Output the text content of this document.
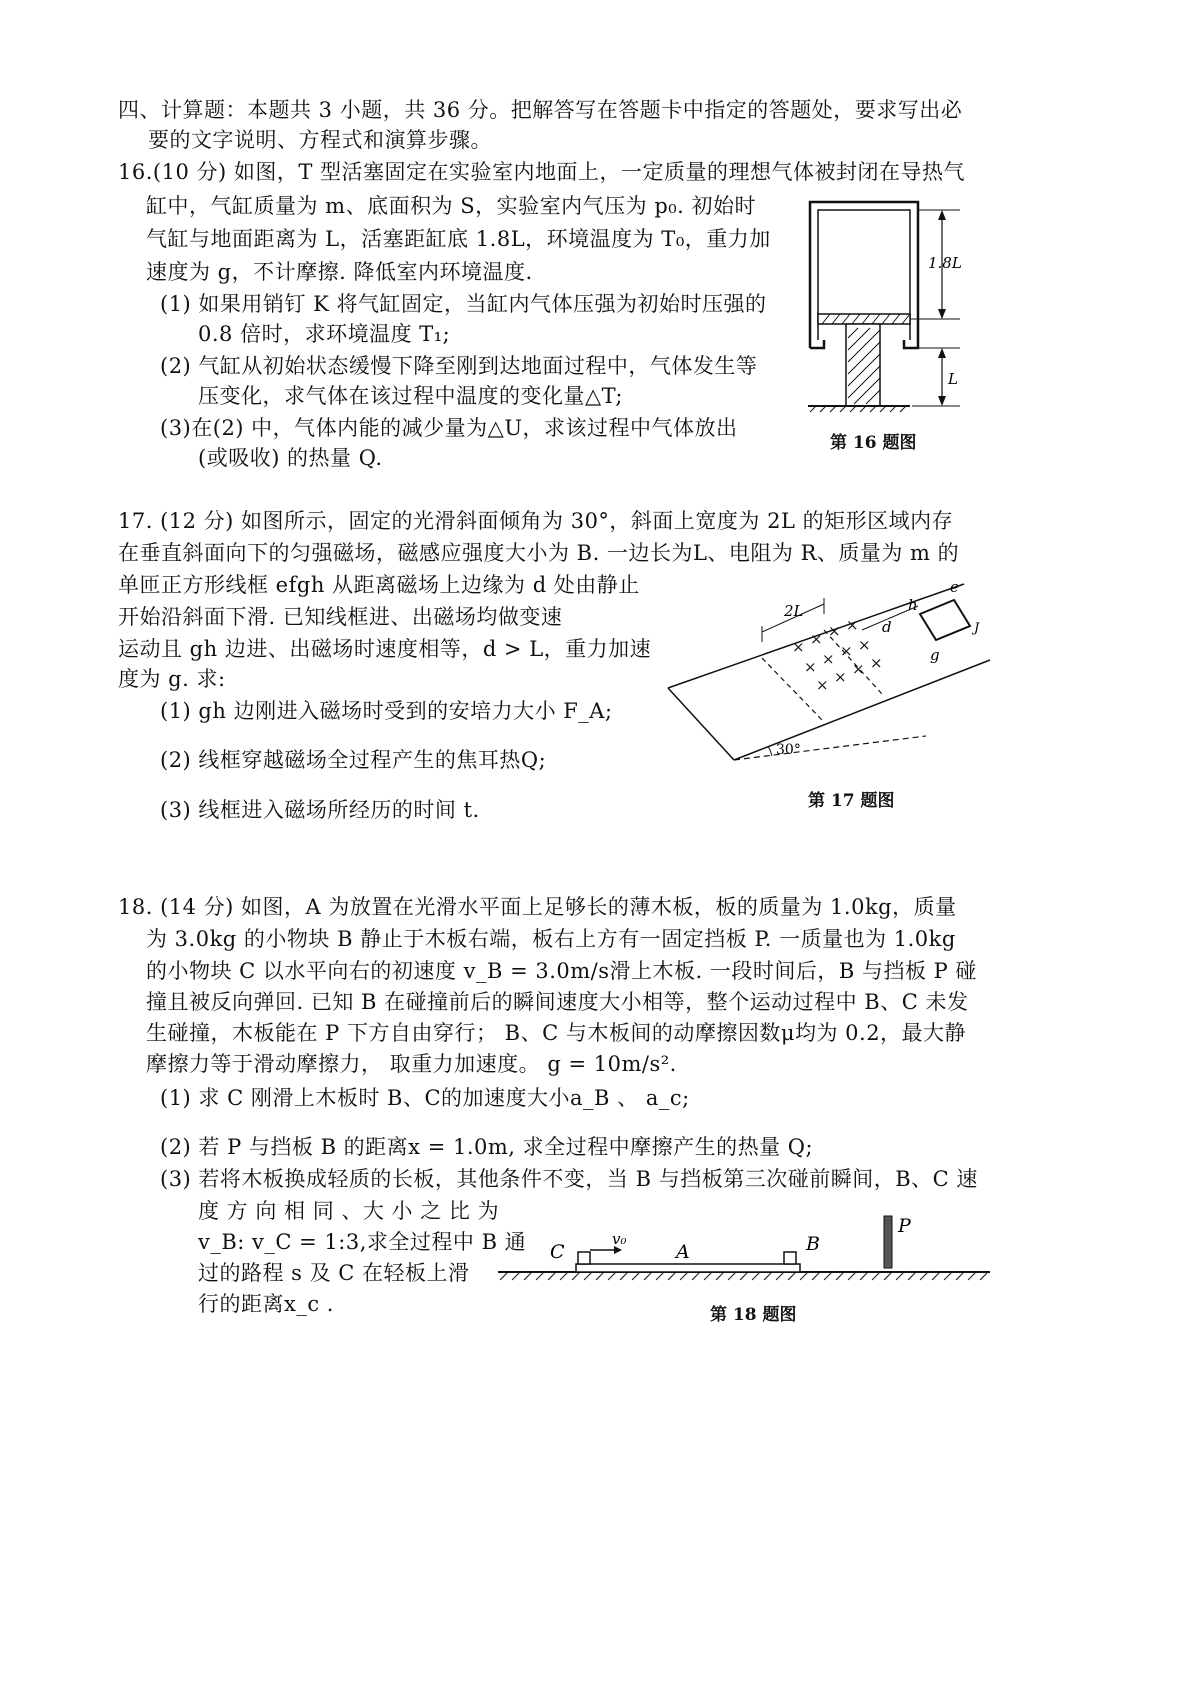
四、计算题：本题共 3 小题，共 36 分。把解答写在答题卡中指定的答题处，要求写出必
要的文字说明、方程式和演算步骤。
16.(10 分) 如图，T 型活塞固定在实验室内地面上，一定质量的理想气体被封闭在导热气
缸中，气缸质量为 m、底面积为 S，实验室内气压为 p₀. 初始时
气缸与地面距离为 L，活塞距缸底 1.8L，环境温度为 T₀，重力加
速度为 g，不计摩擦. 降低室内环境温度.
(1) 如果用销钉 K 将气缸固定，当缸内气体压强为初始时压强的
0.8 倍时，求环境温度 T₁;
(2) 气缸从初始状态缓慢下降至刚到达地面过程中，气体发生等
压变化，求气体在该过程中温度的变化量△T;
(3)在(2) 中，气体内能的减少量为△U，求该过程中气体放出
(或吸收) 的热量 Q.
1.8L
L
第 16 题图
17. (12 分) 如图所示，固定的光滑斜面倾角为 30°，斜面上宽度为 2L 的矩形区域内存
在垂直斜面向下的匀强磁场，磁感应强度大小为 B. 一边长为L、电阻为 R、质量为 m 的
单匝正方形线框 efgh 从距离磁场上边缘为 d 处由静止
开始沿斜面下滑. 已知线框进、出磁场均做变速
运动且 gh 边进、出磁场时速度相等，d > L，重力加速
度为 g. 求:
(1) gh 边刚进入磁场时受到的安培力大小 F_A;
(2) 线框穿越磁场全过程产生的焦耳热Q;
(3) 线框进入磁场所经历的时间 t.
30°
2L
× × × ×
× × × ×
× × × ×
d
e
h
g
J
第 17 题图
18. (14 分) 如图，A 为放置在光滑水平面上足够长的薄木板，板的质量为 1.0kg，质量
为 3.0kg 的小物块 B 静止于木板右端，板右上方有一固定挡板 P. 一质量也为 1.0kg
的小物块 C 以水平向右的初速度 v_B = 3.0m/s滑上木板. 一段时间后，B 与挡板 P 碰
撞且被反向弹回. 已知 B 在碰撞前后的瞬间速度大小相等，整个运动过程中 B、C 未发
生碰撞，木板能在 P 下方自由穿行； B、C 与木板间的动摩擦因数μ均为 0.2，最大静
摩擦力等于滑动摩擦力， 取重力加速度。 g = 10m/s².
(1) 求 C 刚滑上木板时 B、C的加速度大小a_B 、 a_c;
(2) 若 P 与挡板 B 的距离x = 1.0m, 求全过程中摩擦产生的热量 Q;
(3) 若将木板换成轻质的长板，其他条件不变，当 B 与挡板第三次碰前瞬间，B、C 速
度 方 向 相 同 、大 小 之 比 为
v_B: v_C = 1:3,求全过程中 B 通
过的路程 s 及 C 在轻板上滑
行的距离x_c .
C
v₀
A	B
P
第 18 题图
